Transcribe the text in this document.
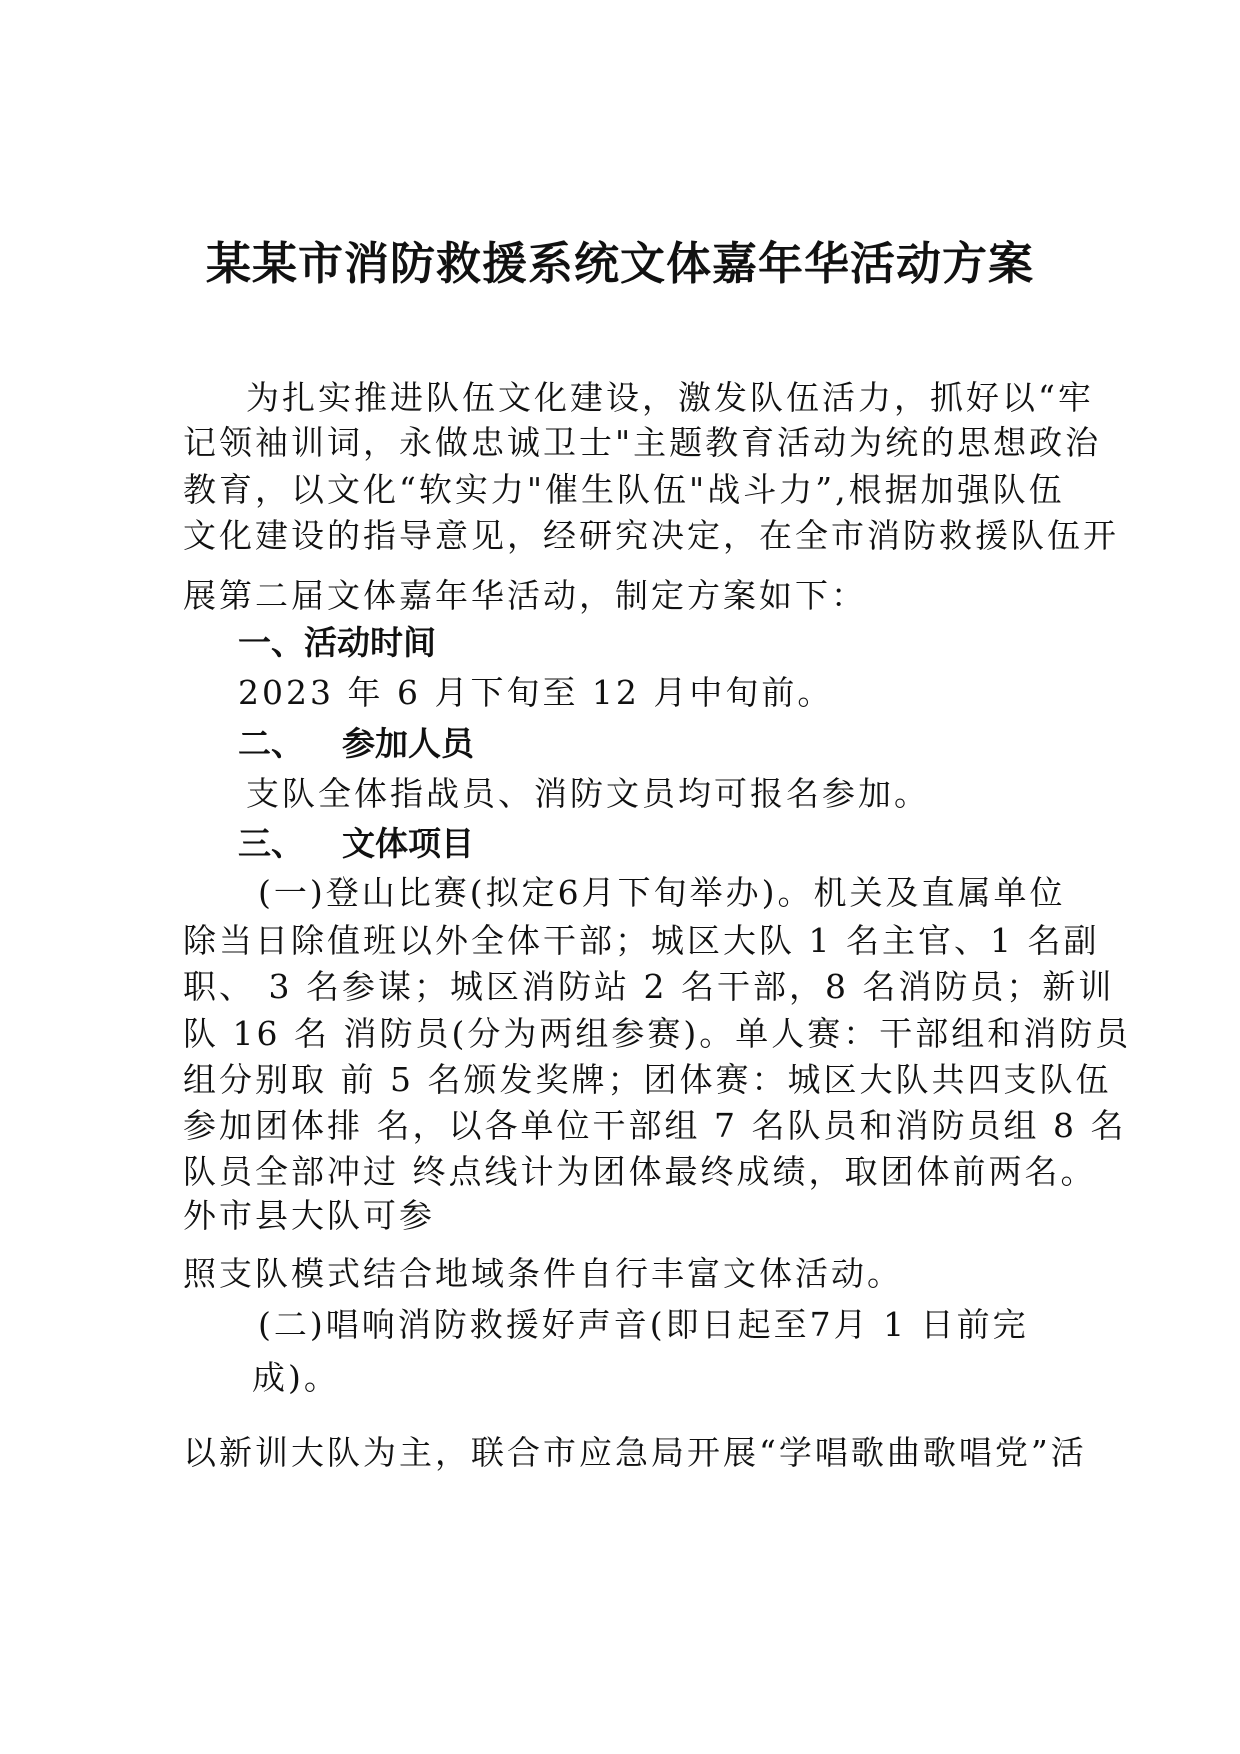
某某市消防救援系统文体嘉年华活动方案
为扎实推进队伍文化建设，激发队伍活力，抓好以“牢
记领袖训词，永做忠诚卫士"主题教育活动为统的思想政治
教育，以文化“软实力"催生队伍"战斗力”,根据加强队伍
文化建设的指导意见，经研究决定，在全市消防救援队伍开
展第二届文体嘉年华活动，制定方案如下：
一、活动时间
2023 年 6 月下旬至 12 月中旬前。
二、 参加人员
支队全体指战员、消防文员均可报名参加。
三、 文体项目
(一)登山比赛(拟定6月下旬举办)。机关及直属单位
除当日除值班以外全体干部；城区大队 1 名主官、1 名副
职、 3 名参谋；城区消防站 2 名干部，8 名消防员；新训
队 16 名 消防员(分为两组参赛)。单人赛：干部组和消防员
组分别取 前 5 名颁发奖牌；团体赛：城区大队共四支队伍
参加团体排 名，以各单位干部组 7 名队员和消防员组 8 名
队员全部冲过 终点线计为团体最终成绩，取团体前两名。
外市县大队可参
照支队模式结合地域条件自行丰富文体活动。
(二)唱响消防救援好声音(即日起至7月 1 日前完
成)。
以新训大队为主，联合市应急局开展“学唱歌曲歌唱党”活
